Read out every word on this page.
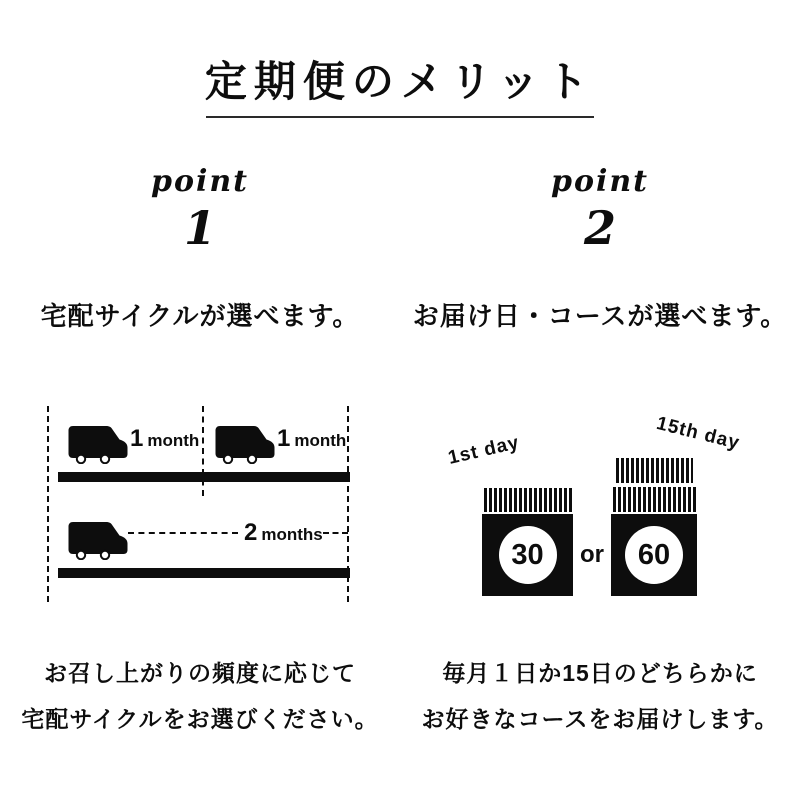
定期便のメリット
point
1
point
2
宅配サイクルが選べます。	お届け日・コースが選べます。
1 month	1 month
2 months
1st day	15th day
30	or	60
お召し上がりの頻度に応じて
宅配サイクルをお選びください。
毎月１日か15日のどちらかに
お好きなコースをお届けします。
